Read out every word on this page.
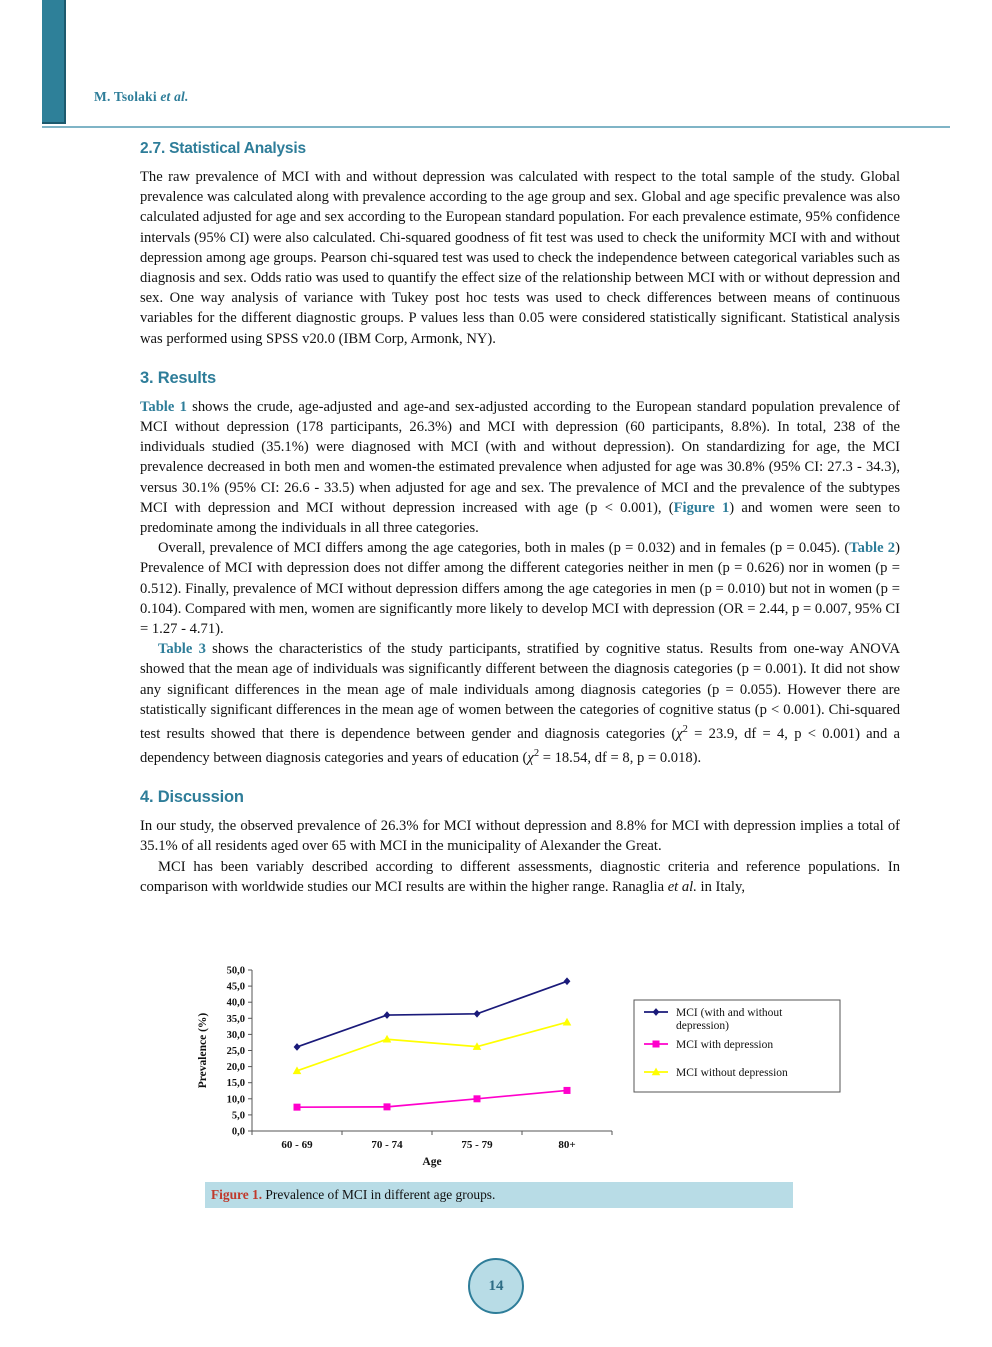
M. Tsolaki et al.
2.7. Statistical Analysis

The raw prevalence of MCI with and without depression was calculated with respect to the total sample of the study. Global prevalence was calculated along with prevalence according to the age group and sex. Global and age specific prevalence was also calculated adjusted for age and sex according to the European standard population. For each prevalence estimate, 95% confidence intervals (95% CI) were also calculated. Chi-squared goodness of fit test was used to check the uniformity MCI with and without depression among age groups. Pearson chi-squared test was used to check the independence between categorical variables such as diagnosis and sex. Odds ratio was used to quantify the effect size of the relationship between MCI with or without depression and sex. One way analysis of variance with Tukey post hoc tests was used to check differences between means of continuous variables for the different diagnostic groups. P values less than 0.05 were considered statistically significant. Statistical analysis was performed using SPSS v20.0 (IBM Corp, Armonk, NY).

3. Results

Table 1 shows the crude, age-adjusted and age-and sex-adjusted according to the European standard population prevalence of MCI without depression (178 participants, 26.3%) and MCI with depression (60 participants, 8.8%). In total, 238 of the individuals studied (35.1%) were diagnosed with MCI (with and without depression). On standardizing for age, the MCI prevalence decreased in both men and women-the estimated prevalence when adjusted for age was 30.8% (95% CI: 27.3 - 34.3), versus 30.1% (95% CI: 26.6 - 33.5) when adjusted for age and sex. The prevalence of MCI and the prevalence of the subtypes MCI with depression and MCI without depression increased with age (p < 0.001), (Figure 1) and women were seen to predominate among the individuals in all three categories.

Overall, prevalence of MCI differs among the age categories, both in males (p = 0.032) and in females (p = 0.045). (Table 2) Prevalence of MCI with depression does not differ among the different categories neither in men (p = 0.626) nor in women (p = 0.512). Finally, prevalence of MCI without depression differs among the age categories in men (p = 0.010) but not in women (p = 0.104). Compared with men, women are significantly more likely to develop MCI with depression (OR = 2.44, p = 0.007, 95% CI = 1.27 - 4.71).

Table 3 shows the characteristics of the study participants, stratified by cognitive status. Results from one-way ANOVA showed that the mean age of individuals was significantly different between the diagnosis categories (p = 0.001). It did not show any significant differences in the mean age of male individuals among diagnosis categories (p = 0.055). However there are statistically significant differences in the mean age of women between the categories of cognitive status (p < 0.001). Chi-squared test results showed that there is dependence between gender and diagnosis categories ($\chi^2 = 23.9$, df = 4, p < 0.001) and a dependency between diagnosis categories and years of education ($\chi^2 = 18.54$, df = 8, p = 0.018).

4. Discussion

In our study, the observed prevalence of 26.3% for MCI without depression and 8.8% for MCI with depression implies a total of 35.1% of all residents aged over 65 with MCI in the municipality of Alexander the Great.

MCI has been variably described according to different assessments, diagnostic criteria and reference populations. In comparison with worldwide studies our MCI results are within the higher range. Ranaglia et al. in Italy,

0,0
5,0
10,0
15,0
20,0
25,0
30,0
35,0
40,0
45,0
50,0
60 - 69	70 - 74	75 - 79	80+
Age
Prevalence (%)	MCI (with and without
depression)
MCI with depression
MCI without depression
Figure 1. Prevalence of MCI in different age groups.
14
